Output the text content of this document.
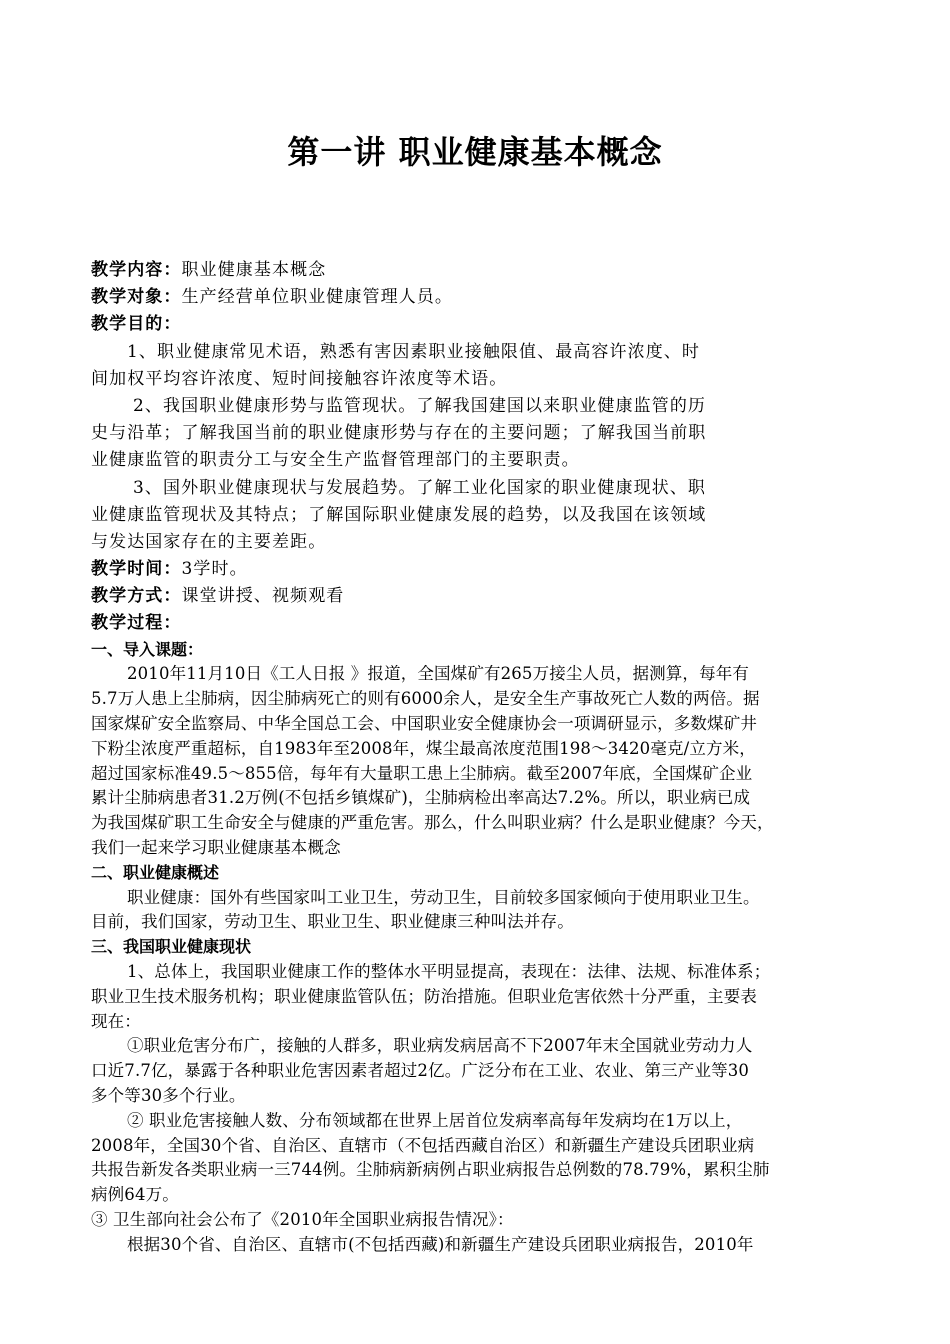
第一讲 职业健康基本概念
教学内容：职业健康基本概念
教学对象：生产经营单位职业健康管理人员。
教学目的：
1、职业健康常见术语，熟悉有害因素职业接触限值、最高容许浓度、时
间加权平均容许浓度、短时间接触容许浓度等术语。
2、我国职业健康形势与监管现状。了解我国建国以来职业健康监管的历
史与沿革；了解我国当前的职业健康形势与存在的主要问题；了解我国当前职
业健康监管的职责分工与安全生产监督管理部门的主要职责。
3、国外职业健康现状与发展趋势。了解工业化国家的职业健康现状、职
业健康监管现状及其特点；了解国际职业健康发展的趋势，以及我国在该领域
与发达国家存在的主要差距。
教学时间：3学时。
教学方式：课堂讲授、视频观看
教学过程：
一、导入课题：
2010年11月10日《工人日报 》报道，全国煤矿有265万接尘人员，据测算，每年有
5.7万人患上尘肺病，因尘肺病死亡的则有6000余人，是安全生产事故死亡人数的两倍。据
国家煤矿安全监察局、中华全国总工会、中国职业安全健康协会一项调研显示，多数煤矿井
下粉尘浓度严重超标，自1983年至2008年，煤尘最高浓度范围198～3420毫克/立方米，
超过国家标准49.5～855倍，每年有大量职工患上尘肺病。截至2007年底，全国煤矿企业
累计尘肺病患者31.2万例(不包括乡镇煤矿)，尘肺病检出率高达7.2%。所以，职业病已成
为我国煤矿职工生命安全与健康的严重危害。那么，什么叫职业病？什么是职业健康？今天，
我们一起来学习职业健康基本概念
二、职业健康概述
职业健康：国外有些国家叫工业卫生，劳动卫生，目前较多国家倾向于使用职业卫生。
目前，我们国家，劳动卫生、职业卫生、职业健康三种叫法并存。
三、我国职业健康现状
1、总体上，我国职业健康工作的整体水平明显提高，表现在：法律、法规、标准体系；
职业卫生技术服务机构；职业健康监管队伍；防治措施。但职业危害依然十分严重，主要表
现在：
①职业危害分布广，接触的人群多，职业病发病居高不下2007年末全国就业劳动力人
口近7.7亿，暴露于各种职业危害因素者超过2亿。广泛分布在工业、农业、第三产业等30
多个等30多个行业。
② 职业危害接触人数、分布领域都在世界上居首位发病率高每年发病均在1万以上，
2008年，全国30个省、自治区、直辖市（不包括西藏自治区）和新疆生产建设兵团职业病
共报告新发各类职业病一三744例。尘肺病新病例占职业病报告总例数的78.79%，累积尘肺
病例64万。
③ 卫生部向社会公布了《2010年全国职业病报告情况》：
根据30个省、自治区、直辖市(不包括西藏)和新疆生产建设兵团职业病报告，2010年
